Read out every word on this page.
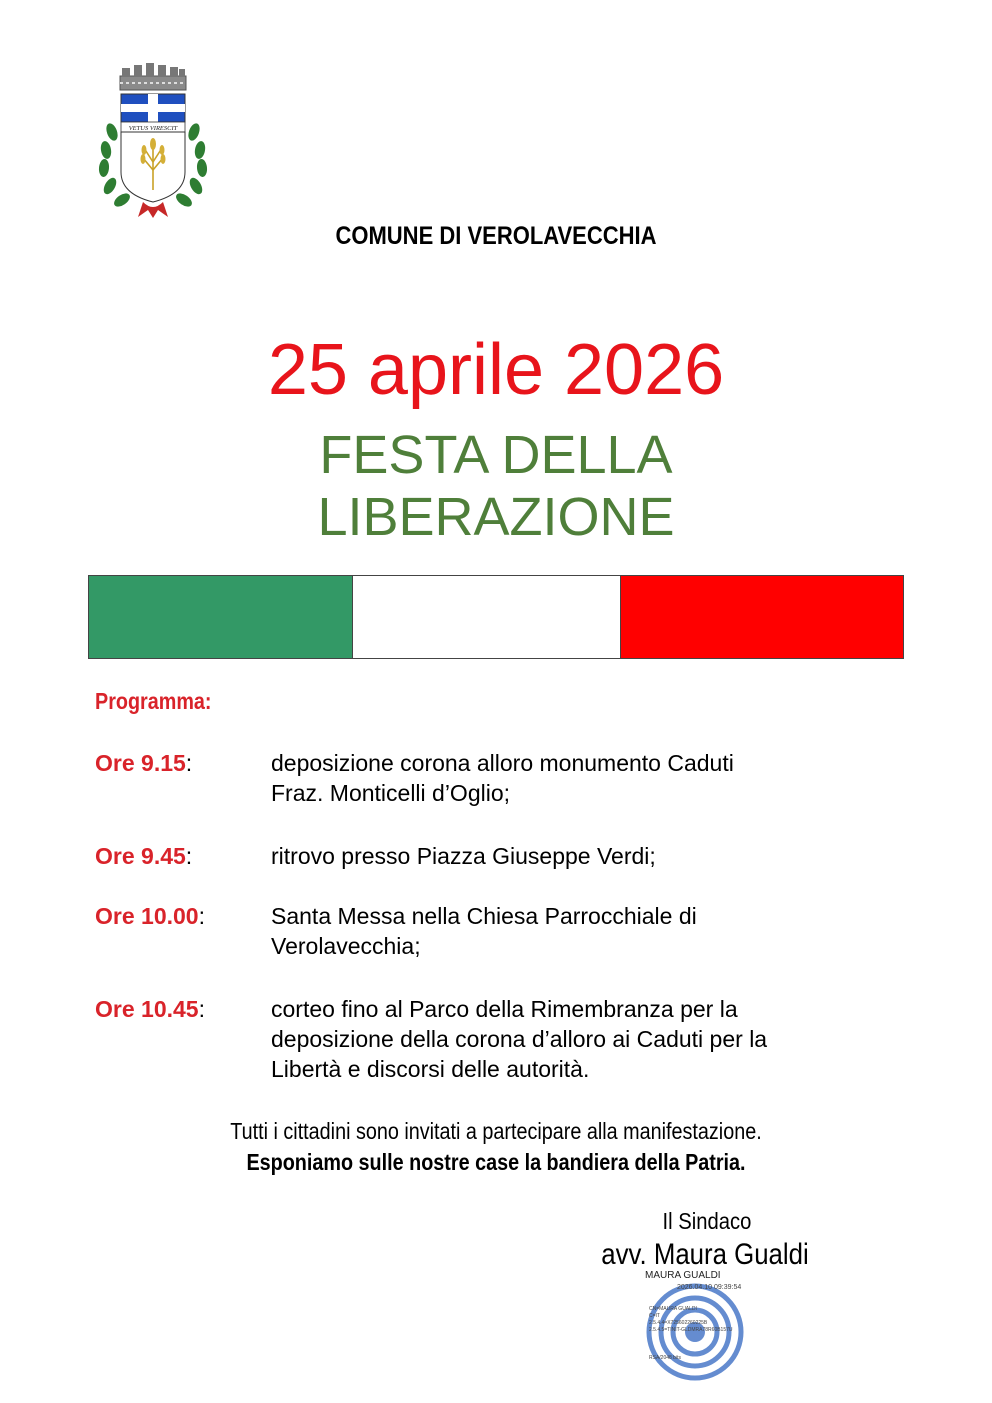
VETUS VIRESCIT
COMUNE DI VEROLAVECCHIA
25 aprile 2026
FESTA DELLA
LIBERAZIONE
Programma:
Ore 9.15:	deposizione corona alloro monumento Caduti
Fraz. Monticelli d’Oglio;
Ore 9.45:	ritrovo presso Piazza Giuseppe Verdi;
Ore 10.00:	Santa Messa nella Chiesa Parrocchiale di
Verolavecchia;
Ore 10.45:	corteo fino al Parco della Rimembranza per la
deposizione della corona d’alloro ai Caduti per la
Libertà e discorsi delle autorità.
Tutti i cittadini sono invitati a partecipare alla manifestazione.
Esponiamo sulle nostre case la bandiera della Patria.
Il Sindaco
avv. Maura Gualdi
MAURA GUALDI
2026.04.10 09:39:54
CN=MAURA GUALDI
C=IT
2.5.4.4=X725602260225B
2.5.4.5=TINIT-GLDMRA78R60B157U
RSA/2048 bits
